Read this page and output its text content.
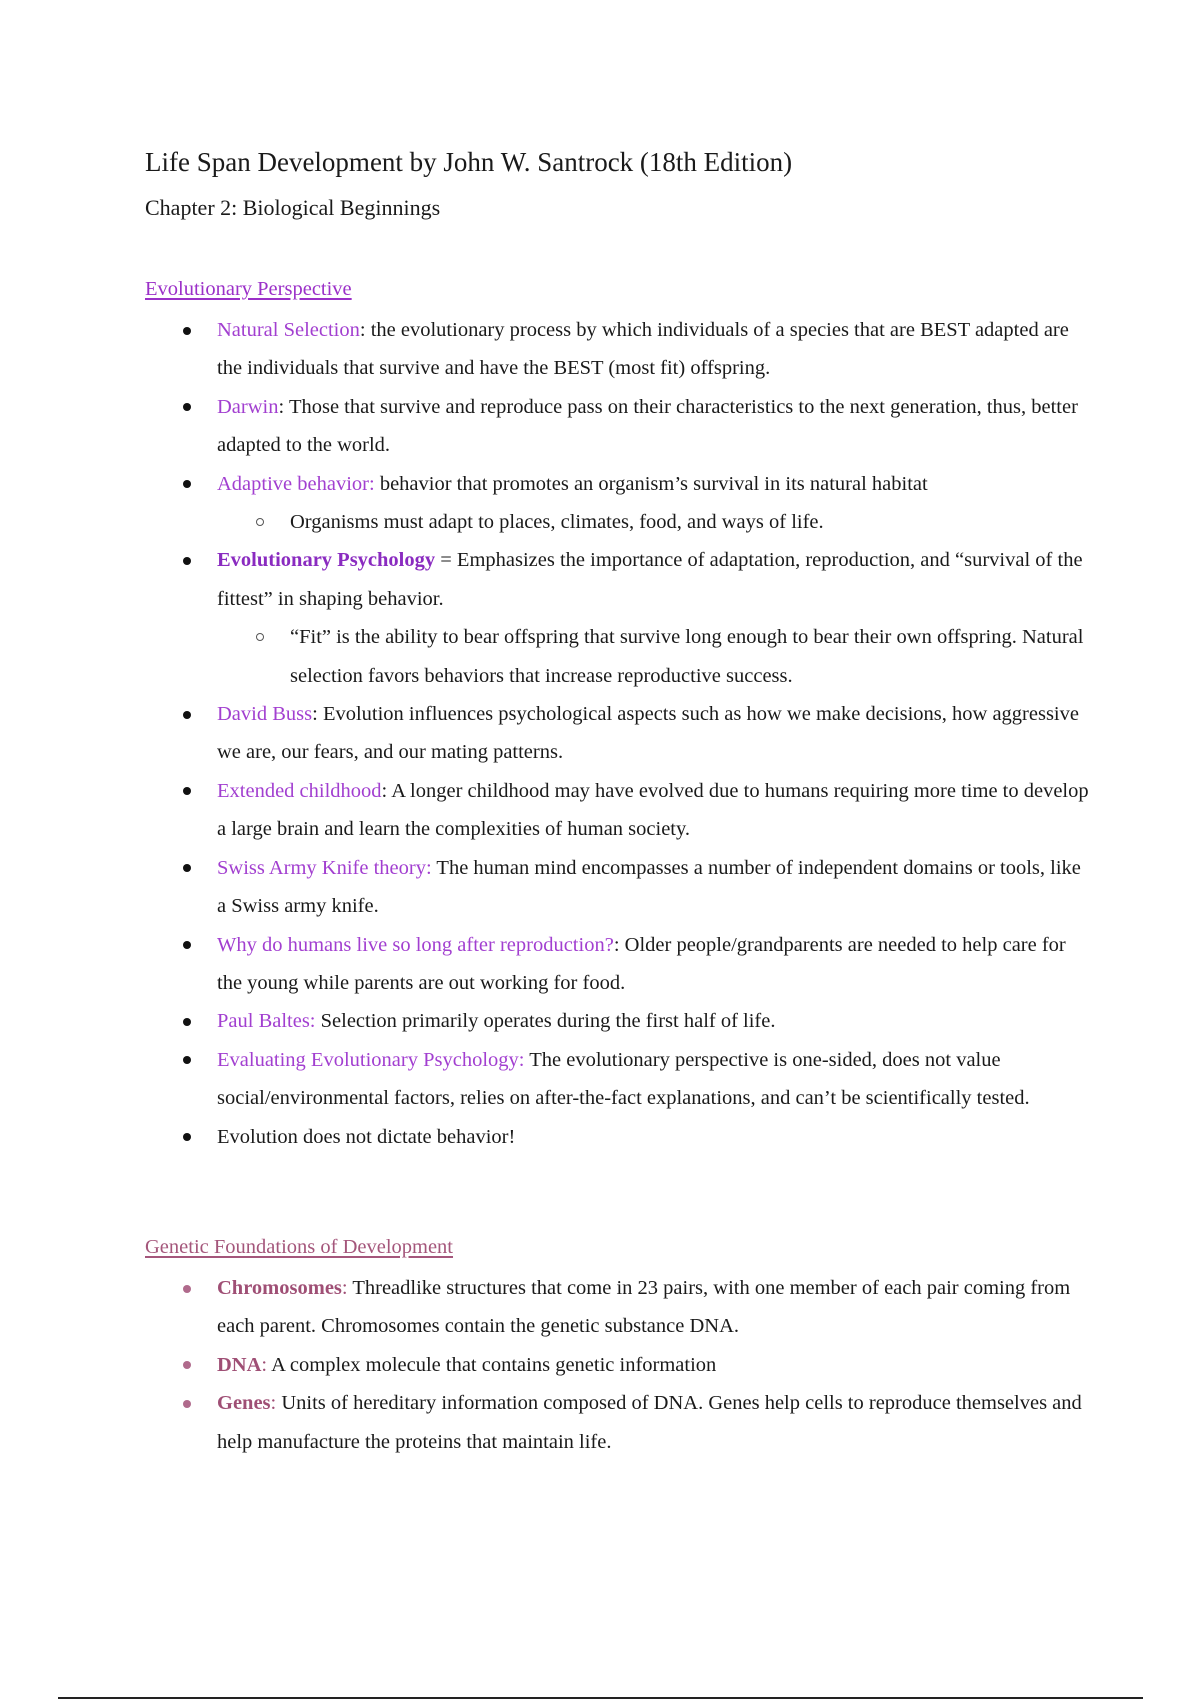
Life Span Development by John W. Santrock (18th Edition)
Chapter 2: Biological Beginnings
Evolutionary Perspective
Natural Selection: the evolutionary process by which individuals of a species that are BEST adapted are the individuals that survive and have the BEST (most fit) offspring.
Darwin: Those that survive and reproduce pass on their characteristics to the next generation, thus, better adapted to the world.
Adaptive behavior: behavior that promotes an organism’s survival in its natural habitat
Organisms must adapt to places, climates, food, and ways of life.
Evolutionary Psychology = Emphasizes the importance of adaptation, reproduction, and “survival of the fittest” in shaping behavior.
“Fit” is the ability to bear offspring that survive long enough to bear their own offspring. Natural selection favors behaviors that increase reproductive success.
David Buss: Evolution influences psychological aspects such as how we make decisions, how aggressive we are, our fears, and our mating patterns.
Extended childhood: A longer childhood may have evolved due to humans requiring more time to develop a large brain and learn the complexities of human society.
Swiss Army Knife theory: The human mind encompasses a number of independent domains or tools, like a Swiss army knife.
Why do humans live so long after reproduction?: Older people/grandparents are needed to help care for the young while parents are out working for food.
Paul Baltes: Selection primarily operates during the first half of life.
Evaluating Evolutionary Psychology: The evolutionary perspective is one-sided, does not value social/environmental factors, relies on after-the-fact explanations, and can’t be scientifically tested.
Evolution does not dictate behavior!
Genetic Foundations of Development
Chromosomes: Threadlike structures that come in 23 pairs, with one member of each pair coming from each parent. Chromosomes contain the genetic substance DNA.
DNA: A complex molecule that contains genetic information
Genes: Units of hereditary information composed of DNA. Genes help cells to reproduce themselves and help manufacture the proteins that maintain life.
